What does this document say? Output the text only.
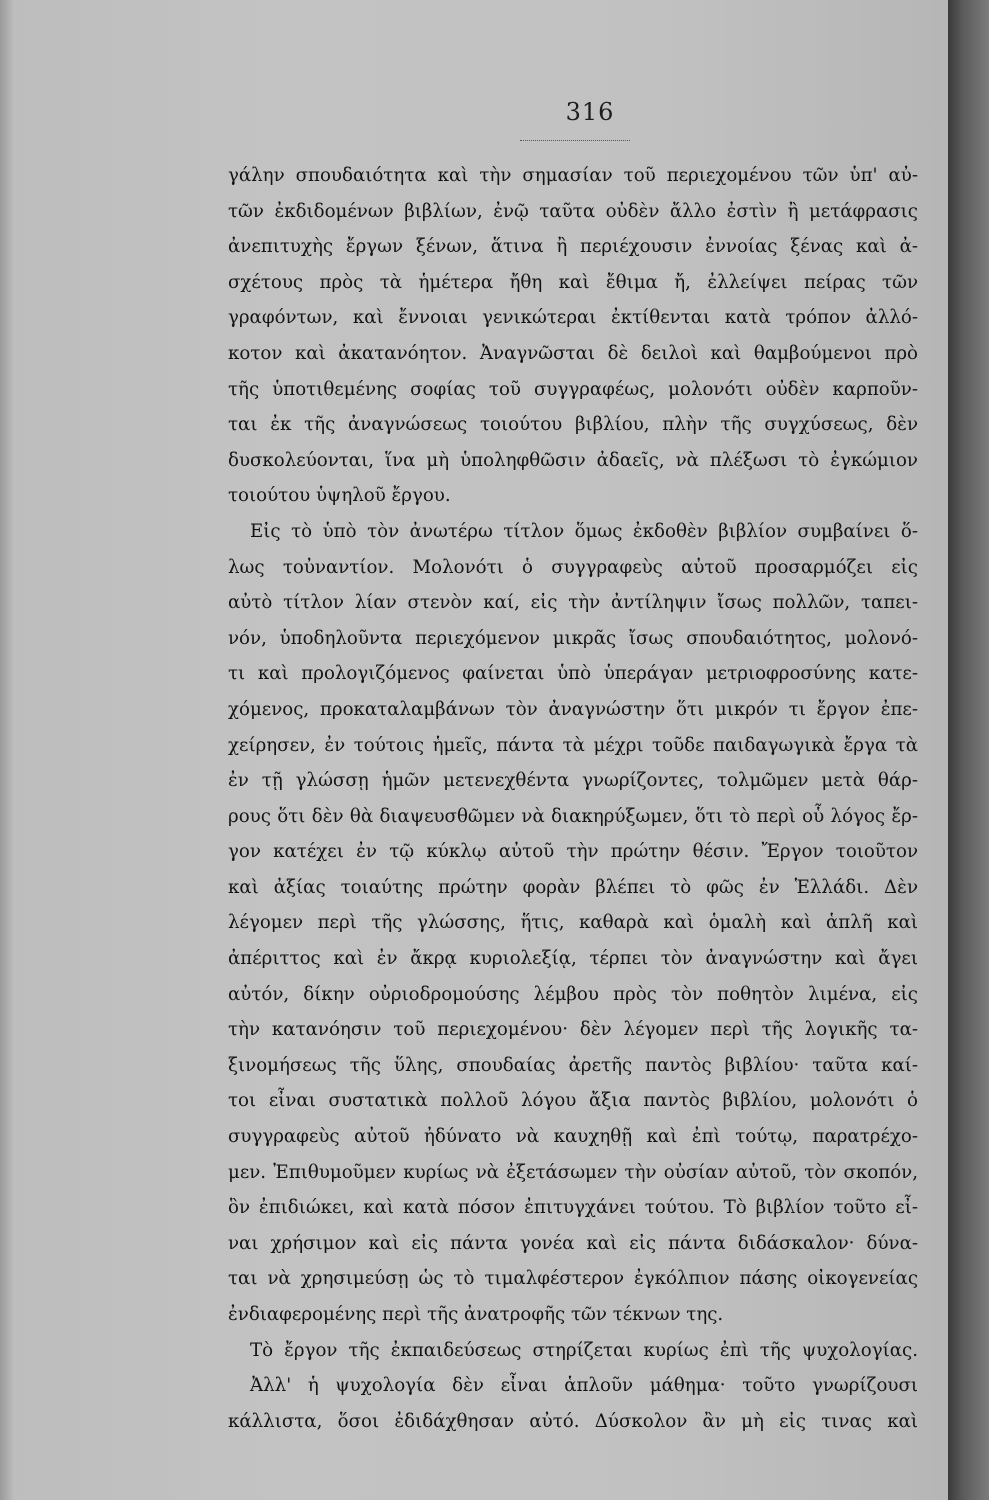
316
γάλην σπουδαιότητα καὶ τὴν σημασίαν τοῦ περιεχομένου τῶν ὑπ' αὐ-
τῶν ἐκδιδομένων βιβλίων, ἐνῷ ταῦτα οὐδὲν ἄλλο ἐστὶν ἢ μετάφρασις
ἀνεπιτυχὴς ἔργων ξένων, ἅτινα ἢ περιέχουσιν ἐννοίας ξένας καὶ ἀ-
σχέτους πρὸς τὰ ἡμέτερα ἤθη καὶ ἔθιμα ἤ, ἐλλείψει πείρας τῶν
γραφόντων, καὶ ἔννοιαι γενικώτεραι ἐκτίθενται κατὰ τρόπον ἀλλό-
κοτον καὶ ἀκατανόητον. Ἀναγνῶσται δὲ δειλοὶ καὶ θαμβούμενοι πρὸ
τῆς ὑποτιθεμένης σοφίας τοῦ συγγραφέως, μολονότι οὐδὲν καρποῦν-
ται ἐκ τῆς ἀναγνώσεως τοιούτου βιβλίου, πλὴν τῆς συγχύσεως, δὲν
δυσκολεύονται, ἵνα μὴ ὑποληφθῶσιν ἀδαεῖς, νὰ πλέξωσι τὸ ἐγκώμιον
τοιούτου ὑψηλοῦ ἔργου.
Εἰς τὸ ὑπὸ τὸν ἀνωτέρω τίτλον ὅμως ἐκδοθὲν βιβλίον συμβαίνει ὅ-
λως τοὐναντίον. Μολονότι ὁ συγγραφεὺς αὐτοῦ προσαρμόζει εἰς
αὐτὸ τίτλον λίαν στενὸν καί, εἰς τὴν ἀντίληψιν ἴσως πολλῶν, ταπει-
νόν, ὑποδηλοῦντα περιεχόμενον μικρᾶς ἴσως σπουδαιότητος, μολονό-
τι καὶ προλογιζόμενος φαίνεται ὑπὸ ὑπεράγαν μετριοφροσύνης κατε-
χόμενος, προκαταλαμβάνων τὸν ἀναγνώστην ὅτι μικρόν τι ἔργον ἐπε-
χείρησεν, ἐν τούτοις ἡμεῖς, πάντα τὰ μέχρι τοῦδε παιδαγωγικὰ ἔργα τὰ
ἐν τῇ γλώσσῃ ἡμῶν μετενεχθέντα γνωρίζοντες, τολμῶμεν μετὰ θάρ-
ρους ὅτι δὲν θὰ διαψευσθῶμεν νὰ διακηρύξωμεν, ὅτι τὸ περὶ οὗ λόγος ἔρ-
γον κατέχει ἐν τῷ κύκλῳ αὐτοῦ τὴν πρώτην θέσιν. Ἔργον τοιοῦτον
καὶ ἀξίας τοιαύτης πρώτην φορὰν βλέπει τὸ φῶς ἐν Ἑλλάδι. Δὲν
λέγομεν περὶ τῆς γλώσσης, ἥτις, καθαρὰ καὶ ὁμαλὴ καὶ ἁπλῆ καὶ
ἀπέριττος καὶ ἐν ἄκρᾳ κυριολεξίᾳ, τέρπει τὸν ἀναγνώστην καὶ ἄγει
αὐτόν, δίκην οὐριοδρομούσης λέμβου πρὸς τὸν ποθητὸν λιμένα, εἰς
τὴν κατανόησιν τοῦ περιεχομένου· δὲν λέγομεν περὶ τῆς λογικῆς τα-
ξινομήσεως τῆς ὕλης, σπουδαίας ἀρετῆς παντὸς βιβλίου· ταῦτα καί-
τοι εἶναι συστατικὰ πολλοῦ λόγου ἄξια παντὸς βιβλίου, μολονότι ὁ
συγγραφεὺς αὐτοῦ ἠδύνατο νὰ καυχηθῇ καὶ ἐπὶ τούτῳ, παρατρέχο-
μεν. Ἐπιθυμοῦμεν κυρίως νὰ ἐξετάσωμεν τὴν οὐσίαν αὐτοῦ, τὸν σκοπόν,
ὃν ἐπιδιώκει, καὶ κατὰ πόσον ἐπιτυγχάνει τούτου. Τὸ βιβλίον τοῦτο εἶ-
ναι χρήσιμον καὶ εἰς πάντα γονέα καὶ εἰς πάντα διδάσκαλον· δύνα-
ται νὰ χρησιμεύσῃ ὡς τὸ τιμαλφέστερον ἐγκόλπιον πάσης οἰκογενείας
ἐνδιαφερομένης περὶ τῆς ἀνατροφῆς τῶν τέκνων της.
Τὸ ἔργον τῆς ἐκπαιδεύσεως στηρίζεται κυρίως ἐπὶ τῆς ψυχολογίας.
Ἀλλ' ἡ ψυχολογία δὲν εἶναι ἁπλοῦν μάθημα· τοῦτο γνωρίζουσι
κάλλιστα, ὅσοι ἐδιδάχθησαν αὐτό. Δύσκολον ἂν μὴ εἰς τινας καὶ
